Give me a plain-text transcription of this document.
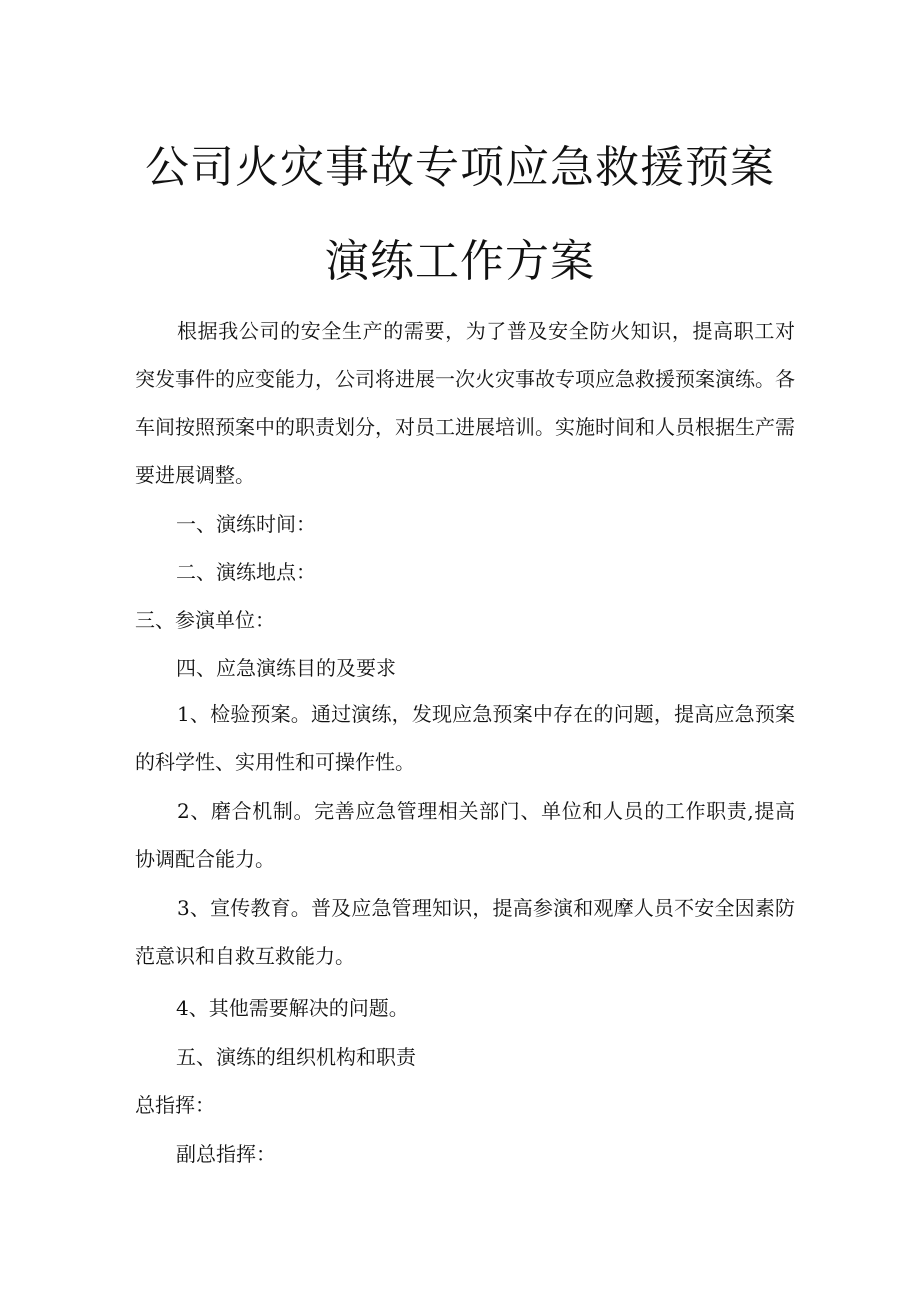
公司火灾事故专项应急救援预案
演练工作方案

根据我公司的安全生产的需要，为了普及安全防火知识，提高职工对突发事件的应变能力，公司将进展一次火灾事故专项应急救援预案演练。各车间按照预案中的职责划分，对员工进展培训。实施时间和人员根据生产需要进展调整。

一、演练时间：

二、演练地点：

三、参演单位：

四、应急演练目的及要求

1、检验预案。通过演练，发现应急预案中存在的问题，提高应急预案的科学性、实用性和可操作性。

2、磨合机制。完善应急管理相关部门、单位和人员的工作职责,提高协调配合能力。

3、宣传教育。普及应急管理知识，提高参演和观摩人员不安全因素防范意识和自救互救能力。

4、其他需要解决的问题。

五、演练的组织机构和职责

总指挥：

副总指挥：
